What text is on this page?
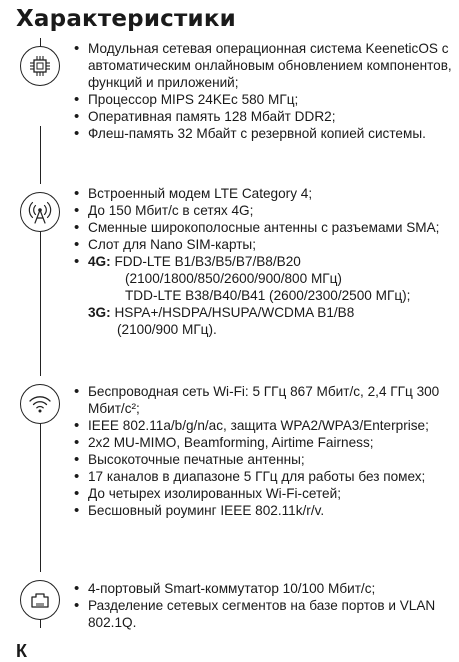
Характеристики
• Модульная сетевая операционная система KeeneticOS с автоматическим онлайновым обновлением компонентов, функций и приложений;
• Процессор MIPS 24KEc 580 МГц;
• Оперативная память 128 Мбайт DDR2;
• Флеш-память 32 Мбайт с резервной копией системы.
• Встроенный модем LTE Category 4;
• До 150 Мбит/с в сетях 4G;
• Сменные широкополосные антенны с разъемами SMA;
• Слот для Nano SIM-карты;
• 4G: FDD-LTE B1/B3/B5/B7/B8/B20
(2100/1800/850/2600/900/800 МГц)
TDD-LTE B38/B40/B41 (2600/2300/2500 МГц);
3G: HSPA+/HSDPA/HSUPA/WCDMA B1/B8
(2100/900 МГц).
• Беспроводная сеть Wi-Fi: 5 ГГц 867 Мбит/с, 2,4 ГГц 300 Мбит/с²;
• IEEE 802.11a/b/g/n/ac, защита WPA2/WPA3/Enterprise;
• 2x2 MU-MIMO, Beamforming, Airtime Fairness;
• Высокоточные печатные антенны;
• 17 каналов в диапазоне 5 ГГц для работы без помех;
• До четырех изолированных Wi-Fi-сетей;
• Бесшовный роуминг IEEE 802.11k/r/v.
• 4-портовый Smart-коммутатор 10/100 Мбит/с;
• Разделение сетевых сегментов на базе портов и VLAN 802.1Q.
К
